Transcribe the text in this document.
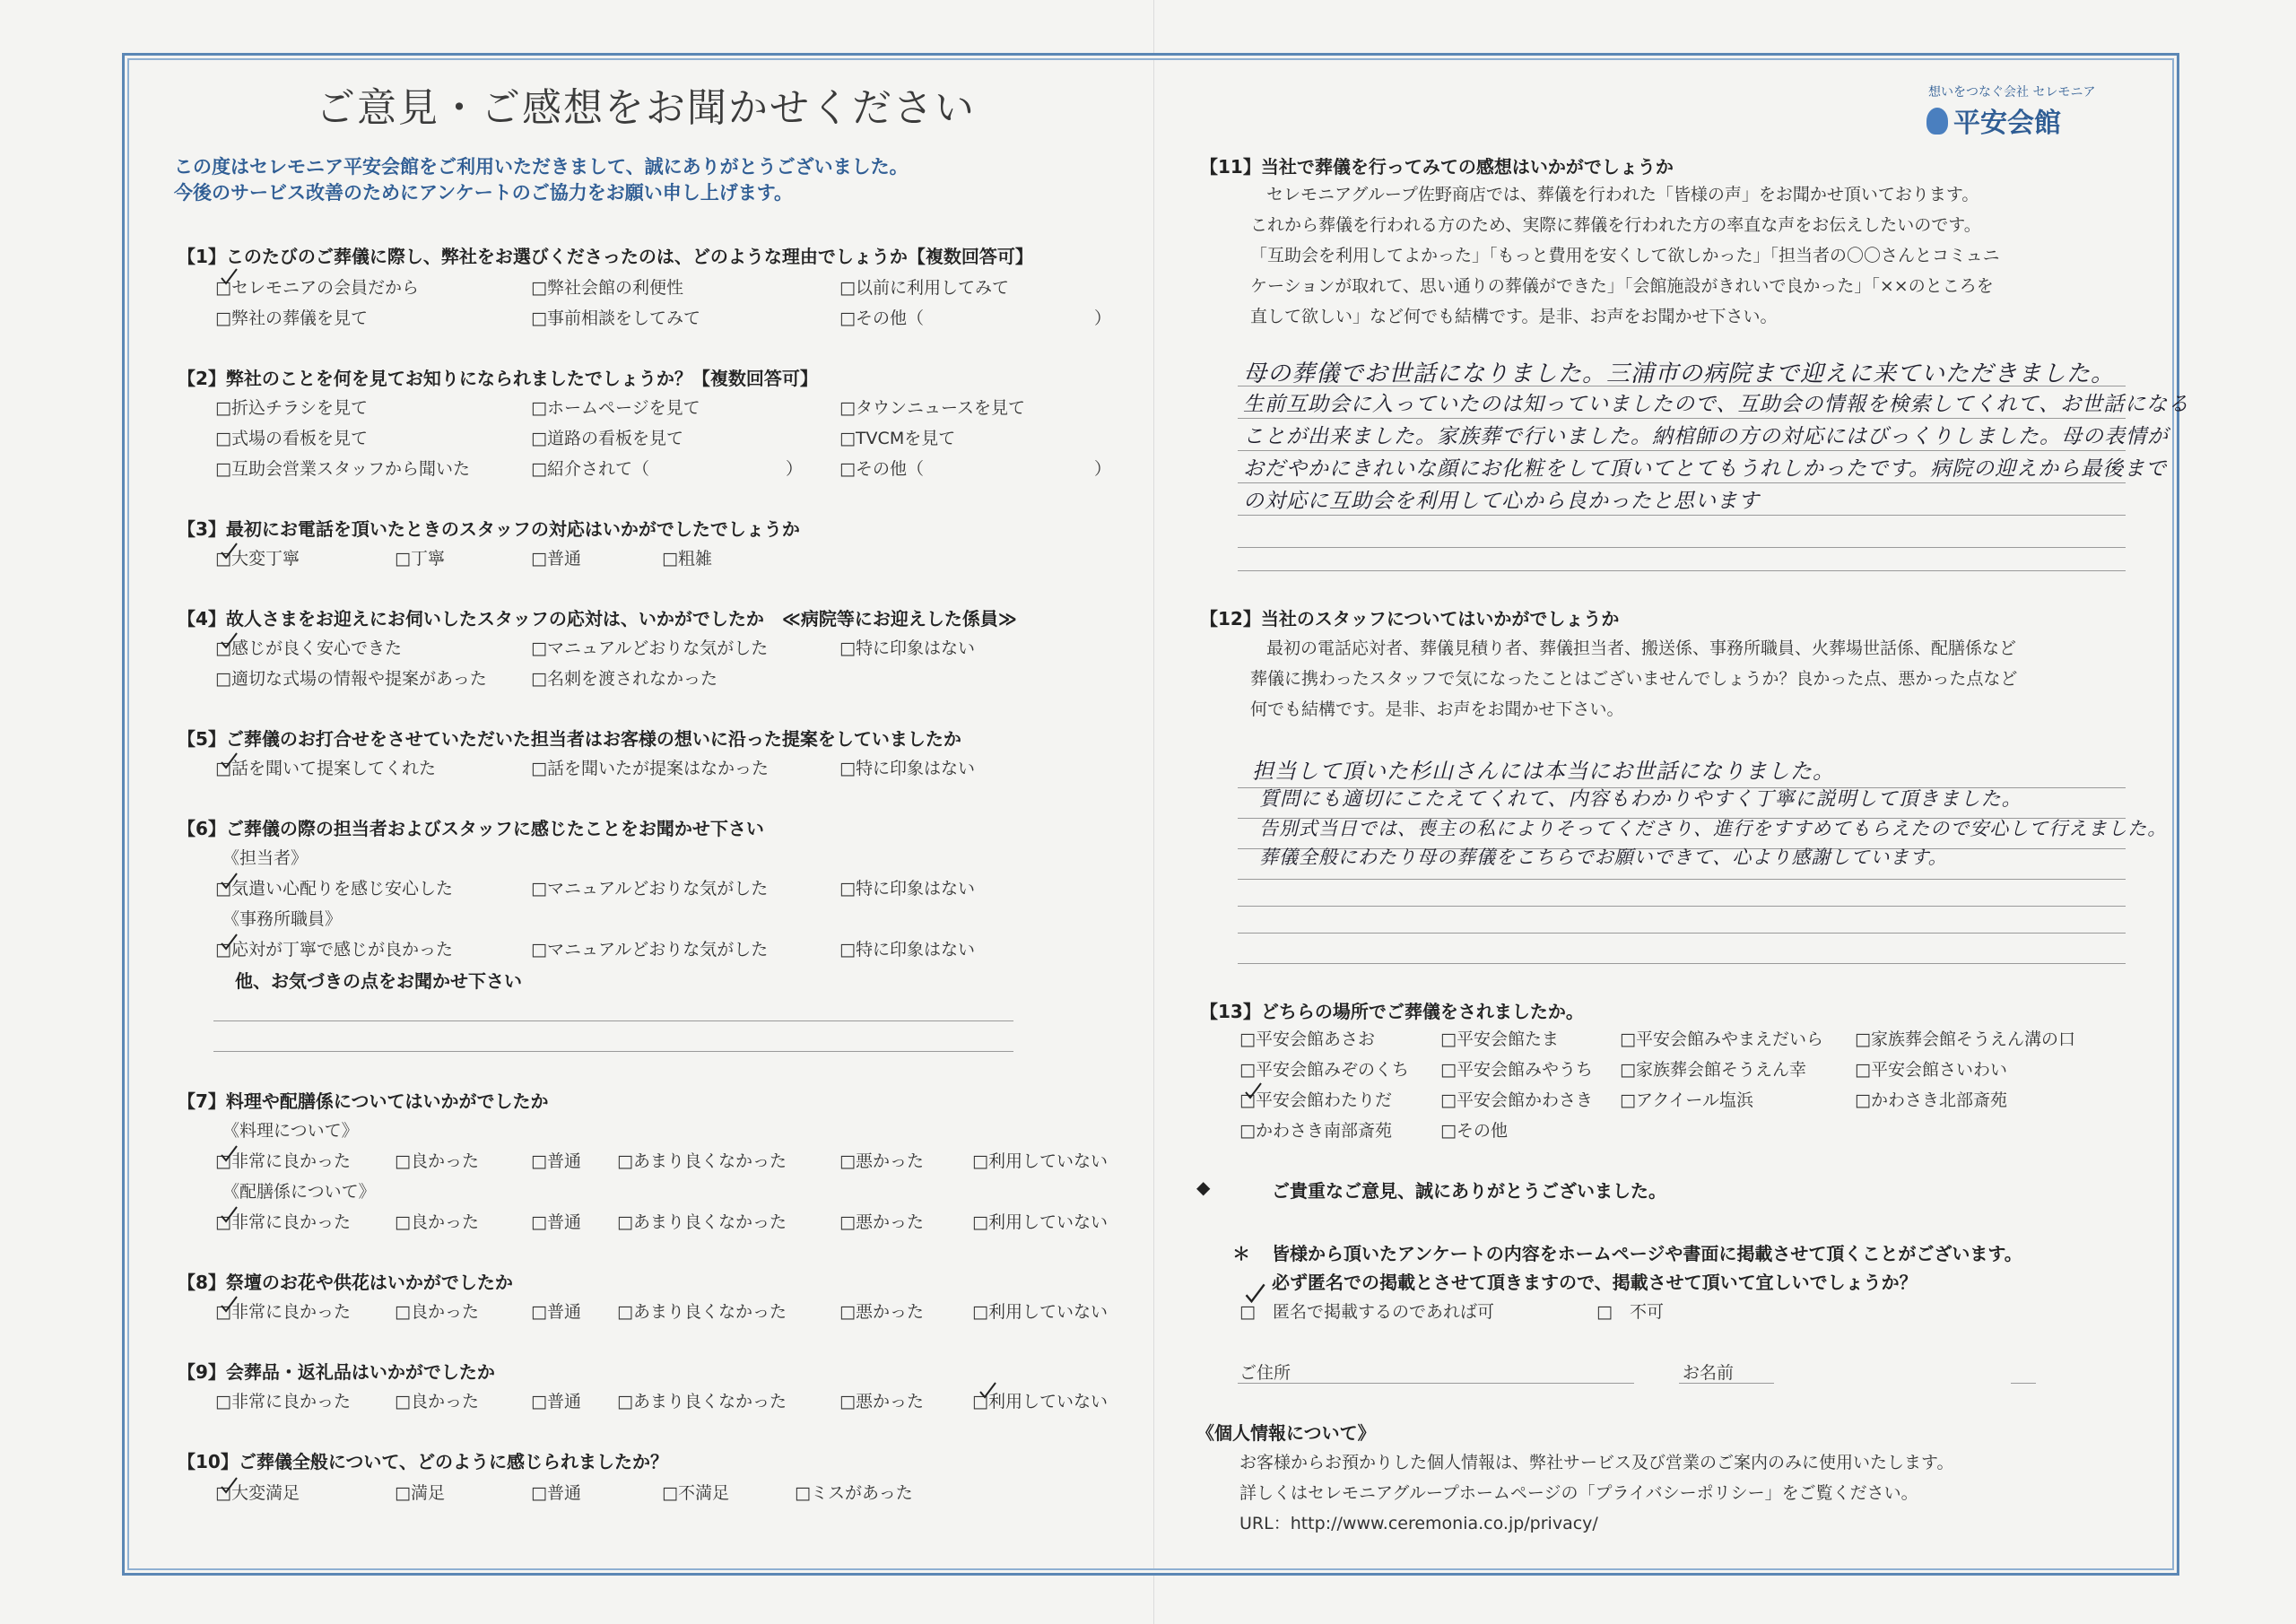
ご意見・ご感想をお聞かせください
この度はセレモニア平安会館をご利用いただきまして、誠にありがとうございました。
今後のサービス改善のためにアンケートのご協力をお願い申し上げます。
想いをつなぐ会社 セレモニア
平安会館
【1】このたびのご葬儀に際し、弊社をお選びくださったのは、どのような理由でしょうか【複数回答可】
□セレモニアの会員だから	□弊社会館の利便性	□以前に利用してみて
□弊社の葬儀を見て	□事前相談をしてみて	□その他（　　　　　　　　　　）
【2】弊社のことを何を見てお知りになられましたでしょうか？【複数回答可】
□折込チラシを見て	□ホームページを見て	□タウンニュースを見て
□式場の看板を見て	□道路の看板を見て	□TVCMを見て
□互助会営業スタッフから聞いた	□紹介されて（　　　　　　　　） □その他（　　　　　　　　　　）
【3】最初にお電話を頂いたときのスタッフの対応はいかがでしたでしょうか
□大変丁寧	□丁寧	□普通	□粗雑
【4】故人さまをお迎えにお伺いしたスタッフの応対は、いかがでしたか　≪病院等にお迎えした係員≫
□感じが良く安心できた	□マニュアルどおりな気がした	□特に印象はない
□適切な式場の情報や提案があった	□名刺を渡されなかった
【5】ご葬儀のお打合せをさせていただいた担当者はお客様の想いに沿った提案をしていましたか
□話を聞いて提案してくれた	□話を聞いたが提案はなかった	□特に印象はない
【6】ご葬儀の際の担当者およびスタッフに感じたことをお聞かせ下さい
《担当者》
□気遣い心配りを感じ安心した	□マニュアルどおりな気がした	□特に印象はない
《事務所職員》
□応対が丁寧で感じが良かった	□マニュアルどおりな気がした	□特に印象はない
他、お気づきの点をお聞かせ下さい
【7】料理や配膳係についてはいかがでしたか
《料理について》
□非常に良かった	□良かった	□普通 □あまり良くなかった	□悪かった	□利用していない
《配膳係について》
□非常に良かった	□良かった	□普通 □あまり良くなかった	□悪かった	□利用していない
【8】祭壇のお花や供花はいかがでしたか
□非常に良かった	□良かった	□普通 □あまり良くなかった	□悪かった	□利用していない
【9】会葬品・返礼品はいかがでしたか
□非常に良かった	□良かった	□普通 □あまり良くなかった	□悪かった	□利用していない
【10】ご葬儀全般について、どのように感じられましたか？
□大変満足	□満足	□普通	□不満足	□ミスがあった
【11】当社で葬儀を行ってみての感想はいかがでしょうか
セレモニアグループ佐野商店では、葬儀を行われた「皆様の声」をお聞かせ頂いております。
これから葬儀を行われる方のため、実際に葬儀を行われた方の率直な声をお伝えしたいのです。
「互助会を利用してよかった」「もっと費用を安くして欲しかった」「担当者の〇〇さんとコミュニ
ケーションが取れて、思い通りの葬儀ができた」「会館施設がきれいで良かった」「××のところを
直して欲しい」など何でも結構です。是非、お声をお聞かせ下さい。
母の葬儀でお世話になりました。三浦市の病院まで迎えに来ていただきました。
生前互助会に入っていたのは知っていましたので、互助会の情報を検索してくれて、お世話になる
ことが出来ました。家族葬で行いました。納棺師の方の対応にはびっくりしました。母の表情が
おだやかにきれいな顔にお化粧をして頂いてとてもうれしかったです。病院の迎えから最後まで
の対応に互助会を利用して心から良かったと思います
【12】当社のスタッフについてはいかがでしょうか
最初の電話応対者、葬儀見積り者、葬儀担当者、搬送係、事務所職員、火葬場世話係、配膳係など
葬儀に携わったスタッフで気になったことはございませんでしょうか？良かった点、悪かった点など
何でも結構です。是非、お声をお聞かせ下さい。
担当して頂いた杉山さんには本当にお世話になりました。
質問にも適切にこたえてくれて、内容もわかりやすく丁寧に説明して頂きました。
告別式当日では、喪主の私によりそってくださり、進行をすすめてもらえたので安心して行えました。
葬儀全般にわたり母の葬儀をこちらでお願いできて、心より感謝しています。
【13】どちらの場所でご葬儀をされましたか。
□平安会館あさお	□平安会館たま	□平安会館みやまえだいら □家族葬会館そうえん溝の口
□平安会館みぞのくち □平安会館みやうち □家族葬会館そうえん幸	□平安会館さいわい
□平安会館わたりだ	□平安会館かわさき □アクイール塩浜	□かわさき北部斎苑
□かわさき南部斎苑	□その他
◆	ご貴重なご意見、誠にありがとうございました。
＊ 皆様から頂いたアンケートの内容をホームページや書面に掲載させて頂くことがございます。
必ず匿名での掲載とさせて頂きますので、掲載させて頂いて宜しいでしょうか？
□　匿名で掲載するのであれば可	□　不可
ご住所	お名前
《個人情報について》
お客様からお預かりした個人情報は、弊社サービス及び営業のご案内のみに使用いたします。
詳しくはセレモニアグループホームページの「プライバシーポリシー」をご覧ください。
URL：http://www.ceremonia.co.jp/privacy/
